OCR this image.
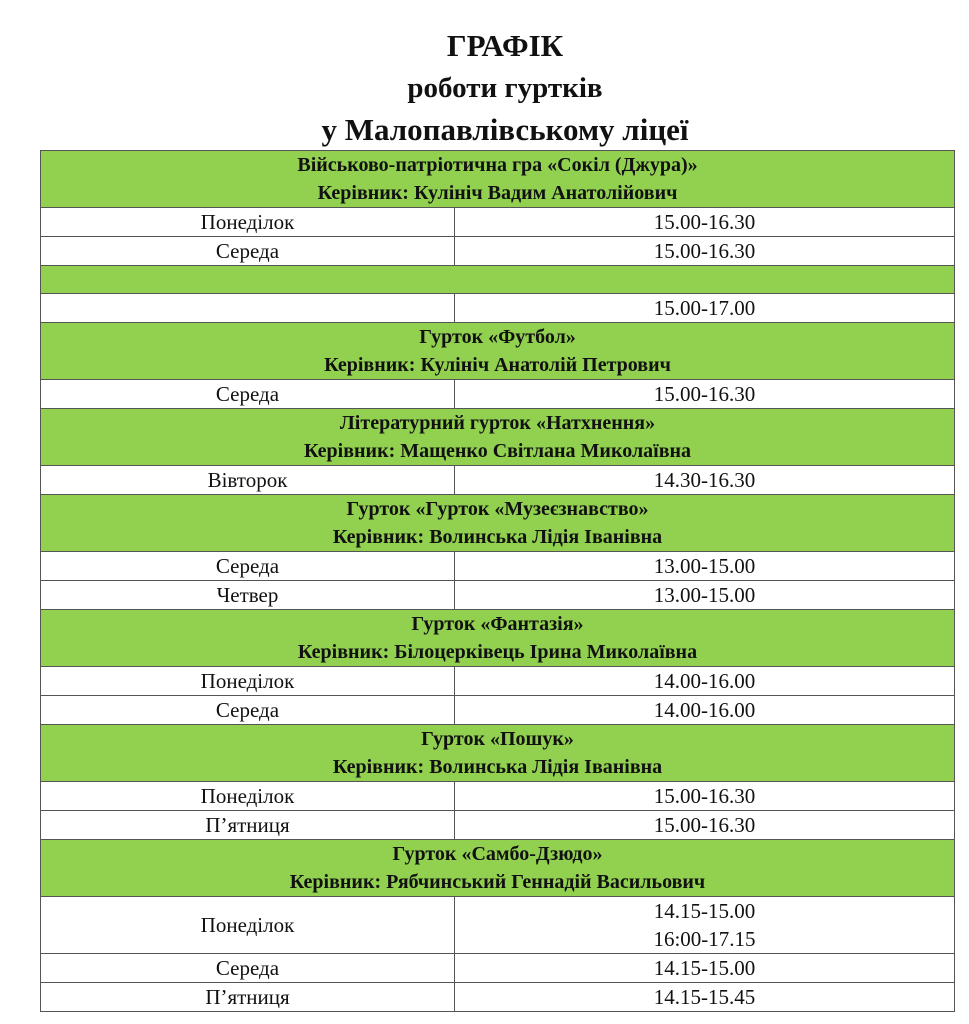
ГРАФІК
роботи гуртків
у Малопавлівському ліцеї
Військово-патріотична гра «Сокіл (Джура)»
Керівник: Кулініч Вадим Анатолійович	

Понеділок	15.00-16.30

Середа	15.00-16.30

	15.00-17.00

Гурток «Футбол»
Керівник: Кулініч Анатолій Петрович	

Середа	15.00-16.30

Літературний гурток «Натхнення»
Керівник: Мащенко Світлана Миколаївна	

Вівторок	14.30-16.30

Гурток «Гурток «Музеєзнавство»
Керівник: Волинська Лідія Іванівна	

Середа	13.00-15.00

Четвер	13.00-15.00

Гурток «Фантазія»
Керівник: Білоцерківець Ірина Миколаївна	

Понеділок	14.00-16.00

Середа	14.00-16.00

Гурток «Пошук»
Керівник: Волинська Лідія Іванівна	

Понеділок	15.00-16.30

П’ятниця	15.00-16.30

Гурток «Самбо-Дзюдо»
Керівник: Рябчинський Геннадій Васильович	

Понеділок	14.15-15.00
16:00-17.15

Середа	14.15-15.00

П’ятниця	14.15-15.45
